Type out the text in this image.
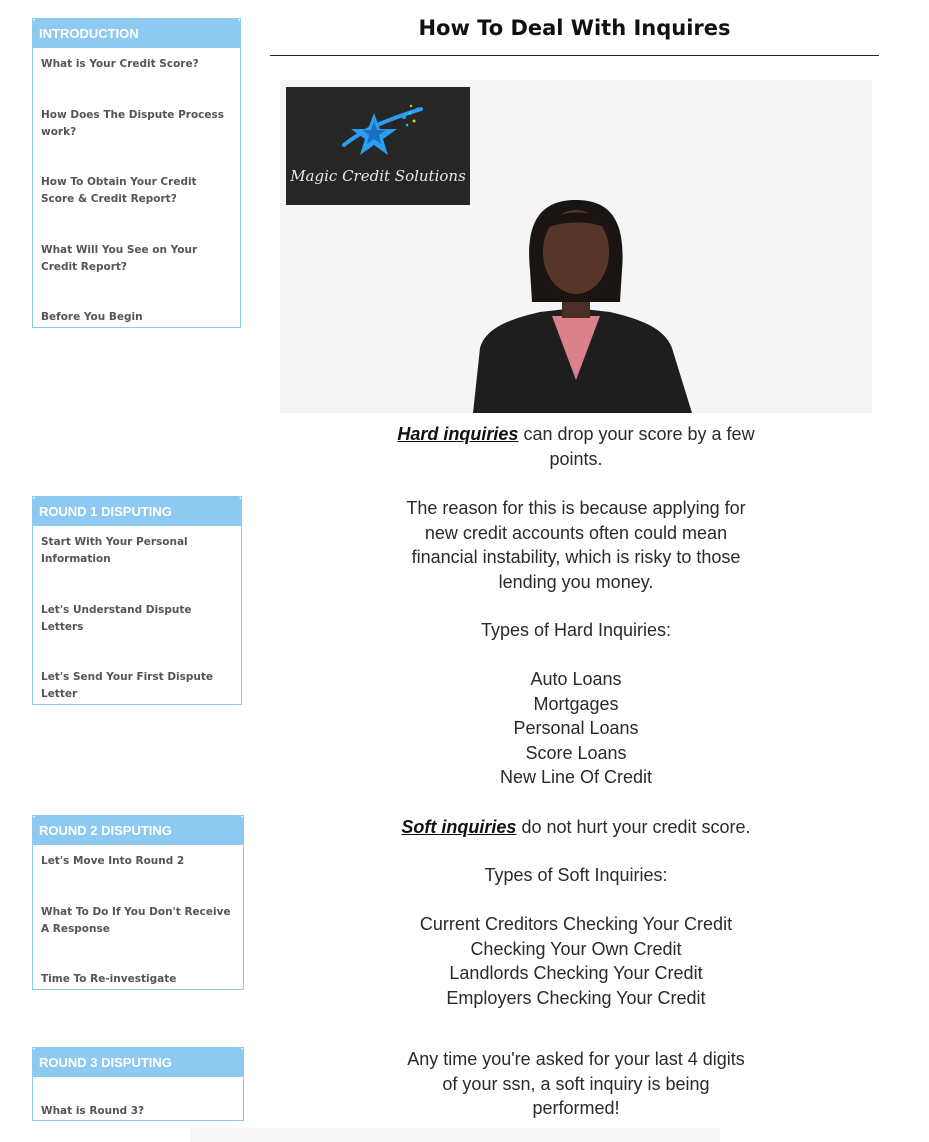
INTRODUCTION
What is Your Credit Score?
How Does The Dispute Process work?
How To Obtain Your Credit Score & Credit Report?
What Will You See on Your Credit Report?
Before You Begin
ROUND 1 DISPUTING
Start With Your Personal Information
Let's Understand Dispute Letters
Let's Send Your First Dispute Letter
ROUND 2 DISPUTING
Let's Move Into Round 2
What To Do If You Don't Receive A Response
Time To Re-investigate
ROUND 3 DISPUTING
What is Round 3?
How To Deal With Inquires
Magic Credit Solutions
Hard inquiries can drop your score by a few points.
The reason for this is because applying for new credit accounts often could mean financial instability, which is risky to those lending you money.
Types of Hard Inquiries:
Auto Loans
Mortgages
Personal Loans
Score Loans
New Line Of Credit
Soft inquiries do not hurt your credit score.
Types of Soft Inquiries:
Current Creditors Checking Your Credit
Checking Your Own Credit
Landlords Checking Your Credit
Employers Checking Your Credit
Any time you're asked for your last 4 digits of your ssn, a soft inquiry is being performed!
